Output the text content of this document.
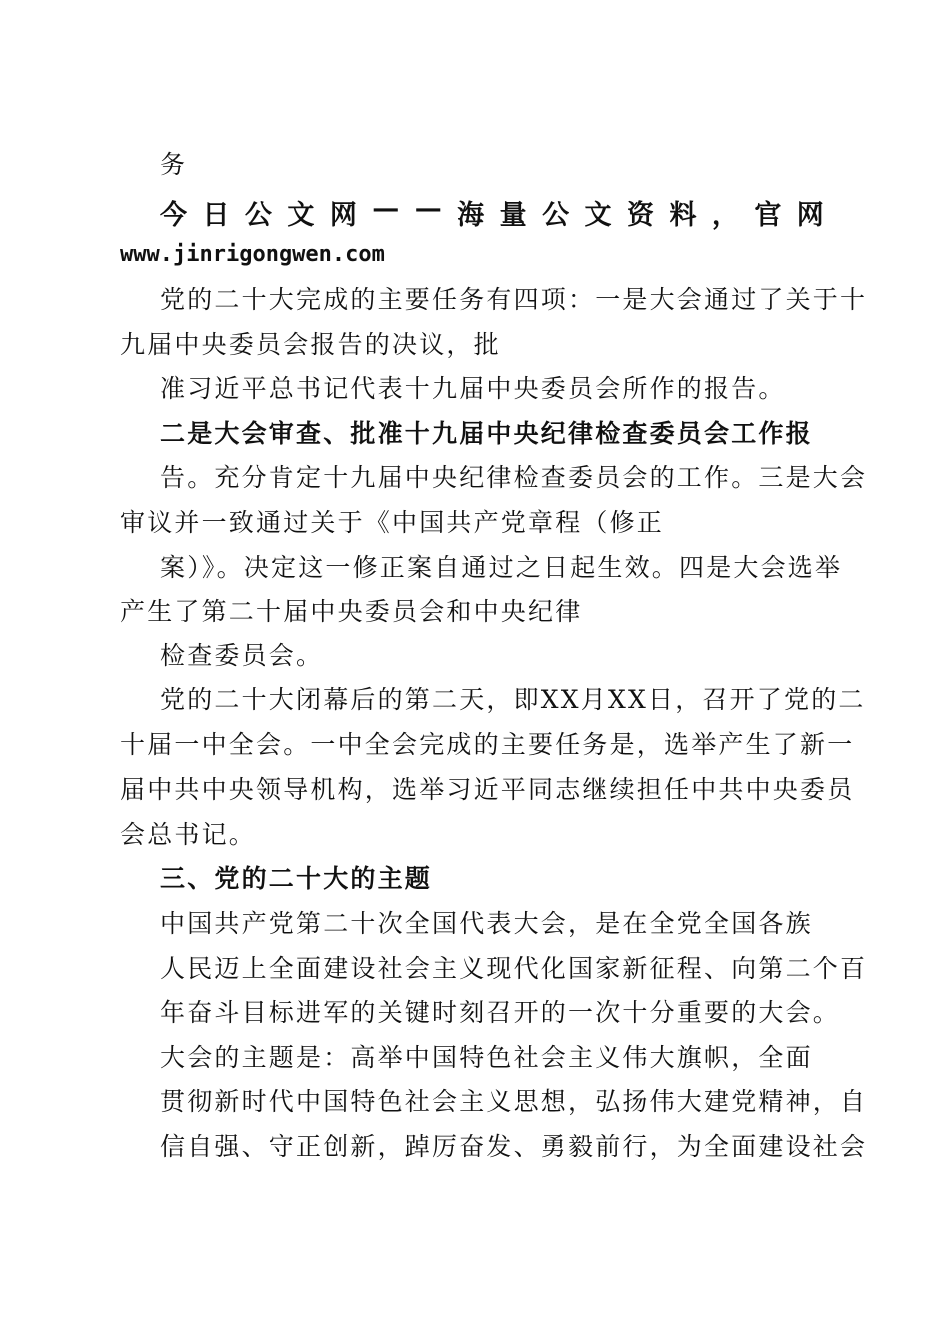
务
今 日 公 文 网 — — 海 量 公 文 资 料 ， 官 网
www.jinrigongwen.com
党的二十大完成的主要任务有四项：一是大会通过了关于十
九届中央委员会报告的决议，批
准习近平总书记代表十九届中央委员会所作的报告。
二是大会审查、批准十九届中央纪律检查委员会工作报
告。充分肯定十九届中央纪律检查委员会的工作。三是大会
审议并一致通过关于《中国共产党章程（修正
案）》。决定这一修正案自通过之日起生效。四是大会选举
产生了第二十届中央委员会和中央纪律
检查委员会。
党的二十大闭幕后的第二天，即XX月XX日，召开了党的二
十届一中全会。一中全会完成的主要任务是，选举产生了新一
届中共中央领导机构，选举习近平同志继续担任中共中央委员
会总书记。
三、党的二十大的主题
中国共产党第二十次全国代表大会，是在全党全国各族
人民迈上全面建设社会主义现代化国家新征程、向第二个百
年奋斗目标进军的关键时刻召开的一次十分重要的大会。
大会的主题是：高举中国特色社会主义伟大旗帜，全面
贯彻新时代中国特色社会主义思想，弘扬伟大建党精神，自
信自强、守正创新，踔厉奋发、勇毅前行，为全面建设社会
